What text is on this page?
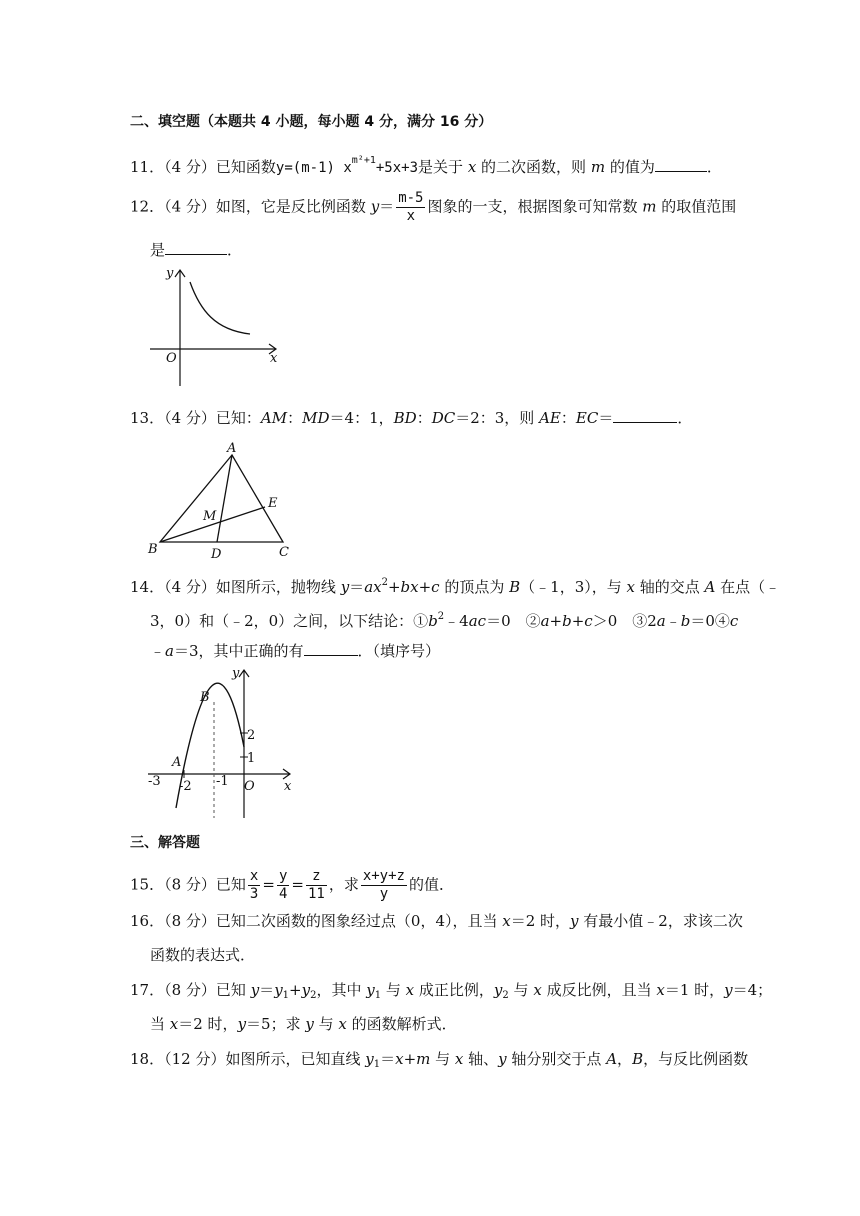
二、填空题（本题共 4 小题，每小题 4 分，满分 16 分）
11．（4 分）已知函数y=(m-1) $x^{m^2+1}+5x+3$是关于 x 的二次函数，则 m 的值为	．
12．（4 分）如图，它是反比例函数 $y= \frac{m-5}{x}$ 图象的一支，根据图象可知常数 m 的取值范围
是	．
y
x
O
13．（4 分）已知：AM：MD＝4：1，BD：DC＝2：3，则 AE：EC＝	．
A
B	C
D
E
M
14．（4 分）如图所示，抛物线 $y=ax^2+bx+c$ 的顶点为 B（﹣1，3），与 x 轴的交点 A 在点（﹣
3，0）和（﹣2，0）之间，以下结论：$①b^2﹣4ac=0$　②a+b+c＞0　③2a﹣b＝0④c
﹣a＝3，其中正确的有	．（填序号）
B
A
y
x
O
2
1
-3 -2 -1
三、解答题
15．（8 分）已知 $\frac{x}{3} = \frac{y}{4} = \frac{z}{11}$ ，求 $\frac{x+y+z}{y}$ 的值．
16．（8 分）已知二次函数的图象经过点（0，4），且当 x＝2 时，y 有最小值﹣2，求该二次
函数的表达式．
17．（8 分）已知 $y=y_1+y_2$，其中 $y_1$ 与 x 成正比例，$y_2$ 与 x 成反比例，且当 x＝1 时，y＝4；
当 x＝2 时，y＝5；求 y 与 x 的函数解析式．
18．（12 分）如图所示，已知直线 $y_1=x+m$ 与 x 轴、y 轴分别交于点 A，B，与反比例函数
